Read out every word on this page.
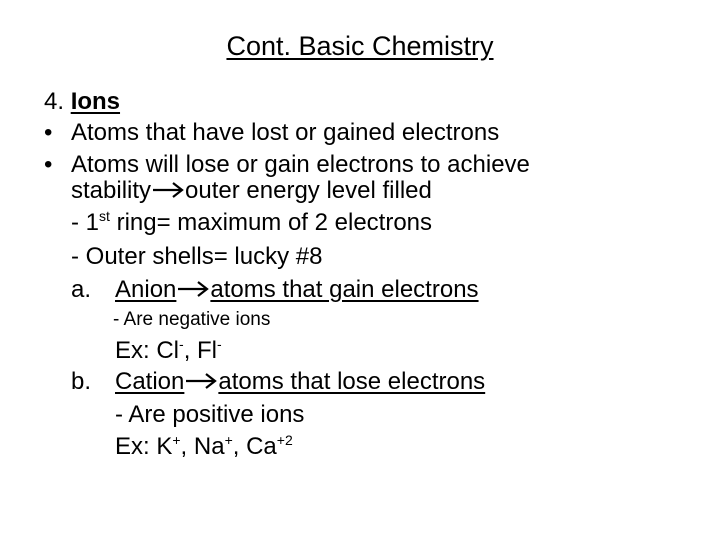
Cont. Basic Chemistry
4. Ions
• Atoms that have lost or gained electrons
• Atoms will lose or gain electrons to achieve
stability outer energy level filled
- 1st ring= maximum of 2 electrons
- Outer shells= lucky #8
a. Anion atoms that gain electrons
- Are negative ions
Ex: Cl-, Fl-
b. Cation atoms that lose electrons
- Are positive ions
Ex: K+, Na+, $Ca^{+2}$
